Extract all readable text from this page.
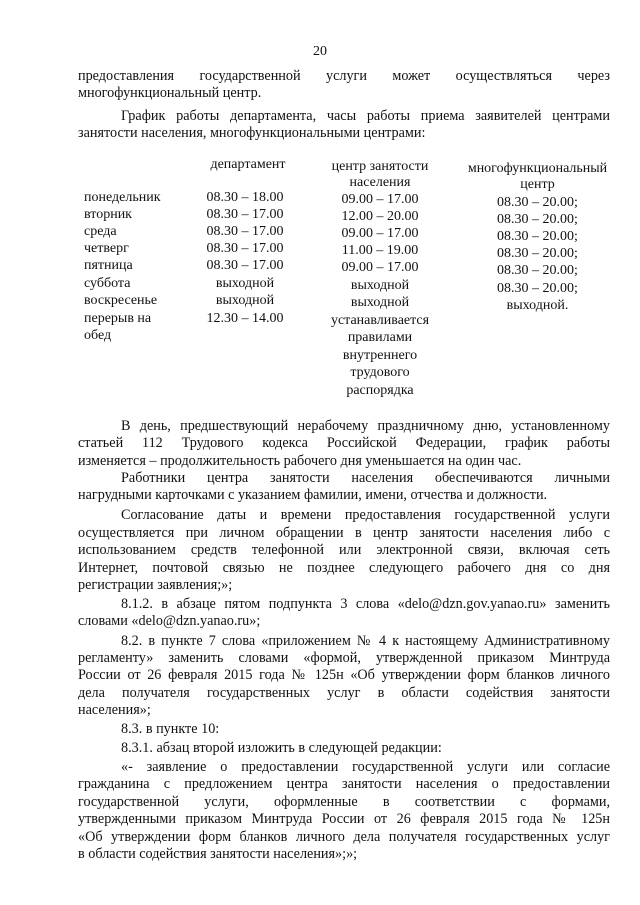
20
предоставления государственной услуги может осуществляться через
многофункциональный центр.
График работы департамента, часы работы приема заявителей центрами
занятости населения, многофункциональными центрами:
департамент	центр занятости
населения
многофункциональный
центр
понедельник
вторник
среда
четверг
пятница
суббота
воскресенье
перерыв на
обед
08.30 – 18.00
08.30 – 17.00
08.30 – 17.00
08.30 – 17.00
08.30 – 17.00
выходной
выходной
12.30 – 14.00
09.00 – 17.00
12.00 – 20.00
09.00 – 17.00
11.00 – 19.00
09.00 – 17.00
выходной
выходной
устанавливается
правилами
внутреннего
трудового
распорядка
08.30 – 20.00;
08.30 – 20.00;
08.30 – 20.00;
08.30 – 20.00;
08.30 – 20.00;
08.30 – 20.00;
выходной.
В день, предшествующий нерабочему праздничному дню, установленному
статьей 112 Трудового кодекса Российской Федерации, график работы
изменяется – продолжительность рабочего дня уменьшается на один час.
Работники центра занятости населения обеспечиваются личными
нагрудными карточками с указанием фамилии, имени, отчества и должности.
Согласование даты и времени предоставления государственной услуги
осуществляется при личном обращении в центр занятости населения либо с
использованием средств телефонной или электронной связи, включая сеть
Интернет, почтовой связью не позднее следующего рабочего дня со дня
регистрации заявления;»;
8.1.2. в абзаце пятом подпункта 3 слова «delo@dzn.gov.yanao.ru» заменить
словами «delo@dzn.yanao.ru»;
8.2. в пункте 7 слова «приложением № 4 к настоящему Административному
регламенту» заменить словами «формой, утвержденной приказом Минтруда
России от 26 февраля 2015 года № 125н «Об утверждении форм бланков личного
дела получателя государственных услуг в области содействия занятости
населения»;
8.3. в пункте 10:
8.3.1. абзац второй изложить в следующей редакции:
«- заявление о предоставлении государственной услуги или согласие
гражданина с предложением центра занятости населения о предоставлении
государственной услуги, оформленные в соответствии с формами,
утвержденными приказом Минтруда России от 26 февраля 2015 года № 125н
«Об утверждении форм бланков личного дела получателя государственных услуг
в области содействия занятости населения»;»;
